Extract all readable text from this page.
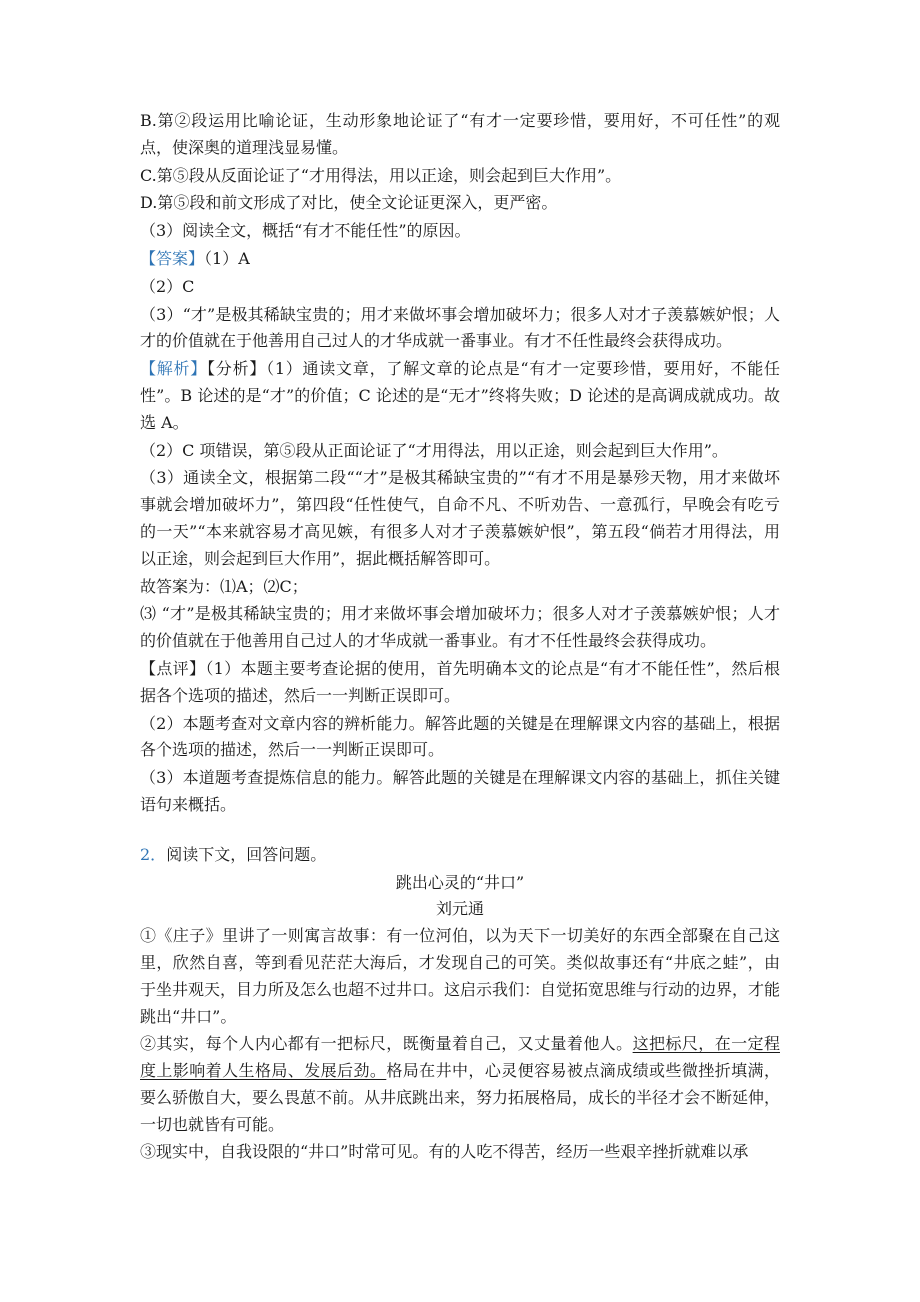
B.第②段运用比喻论证，生动形象地论证了“有才一定要珍惜，要用好，不可任性”的观点，使深奥的道理浅显易懂。

C.第⑤段从反面论证了“才用得法，用以正途，则会起到巨大作用”。

D.第⑤段和前文形成了对比，使全文论证更深入，更严密。

（3）阅读全文，概括“有才不能任性”的原因。

【答案】（1）A

（2）C

（3）“才”是极其稀缺宝贵的；用才来做坏事会增加破坏力；很多人对才子羡慕嫉妒恨；人才的价值就在于他善用自己过人的才华成就一番事业。有才不任性最终会获得成功。

【解析】【分析】（1）通读文章，了解文章的论点是“有才一定要珍惜，要用好，不能任性”。B 论述的是“才”的价值；C 论述的是“无才”终将失败；D 论述的是高调成就成功。故选 A。

（2）C 项错误，第⑤段从正面论证了“才用得法，用以正途，则会起到巨大作用”。

（3）通读全文，根据第二段““才”是极其稀缺宝贵的”“有才不用是暴殄天物，用才来做坏事就会增加破坏力”，第四段“任性使气，自命不凡、不听劝告、一意孤行，早晚会有吃亏的一天”“本来就容易才高见嫉，有很多人对才子羡慕嫉妒恨”，第五段“倘若才用得法，用以正途，则会起到巨大作用”，据此概括解答即可。

故答案为：⑴A；⑵C；

⑶ “才”是极其稀缺宝贵的；用才来做坏事会增加破坏力；很多人对才子羡慕嫉妒恨；人才的价值就在于他善用自己过人的才华成就一番事业。有才不任性最终会获得成功。

【点评】（1）本题主要考查论据的使用，首先明确本文的论点是“有才不能任性”，然后根据各个选项的描述，然后一一判断正误即可。

（2）本题考查对文章内容的辨析能力。解答此题的关键是在理解课文内容的基础上，根据各个选项的描述，然后一一判断正误即可。

（3）本道题考查提炼信息的能力。解答此题的关键是在理解课文内容的基础上，抓住关键语句来概括。

2．阅读下文，回答问题。

跳出心灵的“井口”

刘元通

①《庄子》里讲了一则寓言故事：有一位河伯，以为天下一切美好的东西全部聚在自己这里，欣然自喜，等到看见茫茫大海后，才发现自己的可笑。类似故事还有“井底之蛙”，由于坐井观天，目力所及怎么也超不过井口。这启示我们：自觉拓宽思维与行动的边界，才能跳出“井口”。

②其实，每个人内心都有一把标尺，既衡量着自己，又丈量着他人。这把标尺，在一定程度上影响着人生格局、发展后劲。格局在井中，心灵便容易被点滴成绩或些微挫折填满，要么骄傲自大，要么畏葸不前。从井底跳出来，努力拓展格局，成长的半径才会不断延伸，一切也就皆有可能。

③现实中，自我设限的“井口”时常可见。有的人吃不得苦，经历一些艰辛挫折就难以承
